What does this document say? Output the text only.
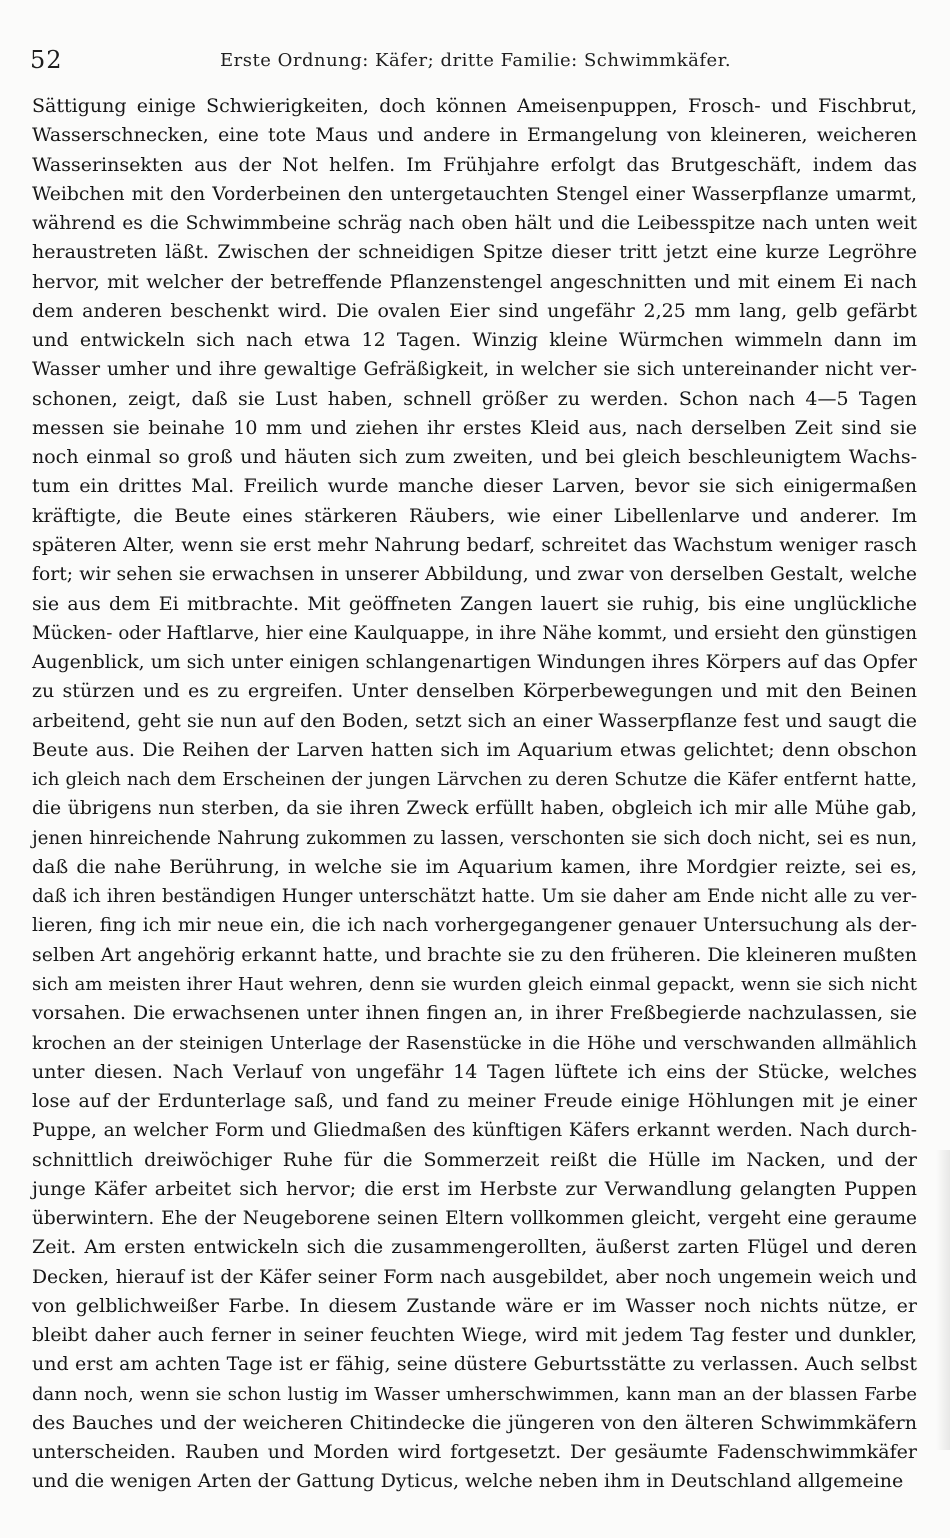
52	Erste Ordnung: Käfer; dritte Familie: Schwimmkäfer.
Sättigung einige Schwierigkeiten, doch können Ameisenpuppen, Frosch- und Fischbrut,
Wasserschnecken, eine tote Maus und andere in Ermangelung von kleineren, weicheren
Wasserinsekten aus der Not helfen. Im Frühjahre erfolgt das Brutgeschäft, indem das
Weibchen mit den Vorderbeinen den untergetauchten Stengel einer Wasserpflanze umarmt,
während es die Schwimmbeine schräg nach oben hält und die Leibesspitze nach unten weit
heraustreten läßt. Zwischen der schneidigen Spitze dieser tritt jetzt eine kurze Legröhre
hervor, mit welcher der betreffende Pflanzenstengel angeschnitten und mit einem Ei nach
dem anderen beschenkt wird. Die ovalen Eier sind ungefähr 2,25 mm lang, gelb gefärbt
und entwickeln sich nach etwa 12 Tagen. Winzig kleine Würmchen wimmeln dann im
Wasser umher und ihre gewaltige Gefräßigkeit, in welcher sie sich untereinander nicht ver-
schonen, zeigt, daß sie Lust haben, schnell größer zu werden. Schon nach 4—5 Tagen
messen sie beinahe 10 mm und ziehen ihr erstes Kleid aus, nach derselben Zeit sind sie
noch einmal so groß und häuten sich zum zweiten, und bei gleich beschleunigtem Wachs-
tum ein drittes Mal. Freilich wurde manche dieser Larven, bevor sie sich einigermaßen
kräftigte, die Beute eines stärkeren Räubers, wie einer Libellenlarve und anderer. Im
späteren Alter, wenn sie erst mehr Nahrung bedarf, schreitet das Wachstum weniger rasch
fort; wir sehen sie erwachsen in unserer Abbildung, und zwar von derselben Gestalt, welche
sie aus dem Ei mitbrachte. Mit geöffneten Zangen lauert sie ruhig, bis eine unglückliche
Mücken- oder Haftlarve, hier eine Kaulquappe, in ihre Nähe kommt, und ersieht den günstigen
Augenblick, um sich unter einigen schlangenartigen Windungen ihres Körpers auf das Opfer
zu stürzen und es zu ergreifen. Unter denselben Körperbewegungen und mit den Beinen
arbeitend, geht sie nun auf den Boden, setzt sich an einer Wasserpflanze fest und saugt die
Beute aus. Die Reihen der Larven hatten sich im Aquarium etwas gelichtet; denn obschon
ich gleich nach dem Erscheinen der jungen Lärvchen zu deren Schutze die Käfer entfernt hatte,
die übrigens nun sterben, da sie ihren Zweck erfüllt haben, obgleich ich mir alle Mühe gab,
jenen hinreichende Nahrung zukommen zu lassen, verschonten sie sich doch nicht, sei es nun,
daß die nahe Berührung, in welche sie im Aquarium kamen, ihre Mordgier reizte, sei es,
daß ich ihren beständigen Hunger unterschätzt hatte. Um sie daher am Ende nicht alle zu ver-
lieren, fing ich mir neue ein, die ich nach vorhergegangener genauer Untersuchung als der-
selben Art angehörig erkannt hatte, und brachte sie zu den früheren. Die kleineren mußten
sich am meisten ihrer Haut wehren, denn sie wurden gleich einmal gepackt, wenn sie sich nicht
vorsahen. Die erwachsenen unter ihnen fingen an, in ihrer Freßbegierde nachzulassen, sie
krochen an der steinigen Unterlage der Rasenstücke in die Höhe und verschwanden allmählich
unter diesen. Nach Verlauf von ungefähr 14 Tagen lüftete ich eins der Stücke, welches
lose auf der Erdunterlage saß, und fand zu meiner Freude einige Höhlungen mit je einer
Puppe, an welcher Form und Gliedmaßen des künftigen Käfers erkannt werden. Nach durch-
schnittlich dreiwöchiger Ruhe für die Sommerzeit reißt die Hülle im Nacken, und der
junge Käfer arbeitet sich hervor; die erst im Herbste zur Verwandlung gelangten Puppen
überwintern. Ehe der Neugeborene seinen Eltern vollkommen gleicht, vergeht eine geraume
Zeit. Am ersten entwickeln sich die zusammengerollten, äußerst zarten Flügel und deren
Decken, hierauf ist der Käfer seiner Form nach ausgebildet, aber noch ungemein weich und
von gelblichweißer Farbe. In diesem Zustande wäre er im Wasser noch nichts nütze, er
bleibt daher auch ferner in seiner feuchten Wiege, wird mit jedem Tag fester und dunkler,
und erst am achten Tage ist er fähig, seine düstere Geburtsstätte zu verlassen. Auch selbst
dann noch, wenn sie schon lustig im Wasser umherschwimmen, kann man an der blassen Farbe
des Bauches und der weicheren Chitindecke die jüngeren von den älteren Schwimmkäfern
unterscheiden. Rauben und Morden wird fortgesetzt. Der gesäumte Fadenschwimmkäfer
und die wenigen Arten der Gattung Dyticus, welche neben ihm in Deutschland allgemeine
